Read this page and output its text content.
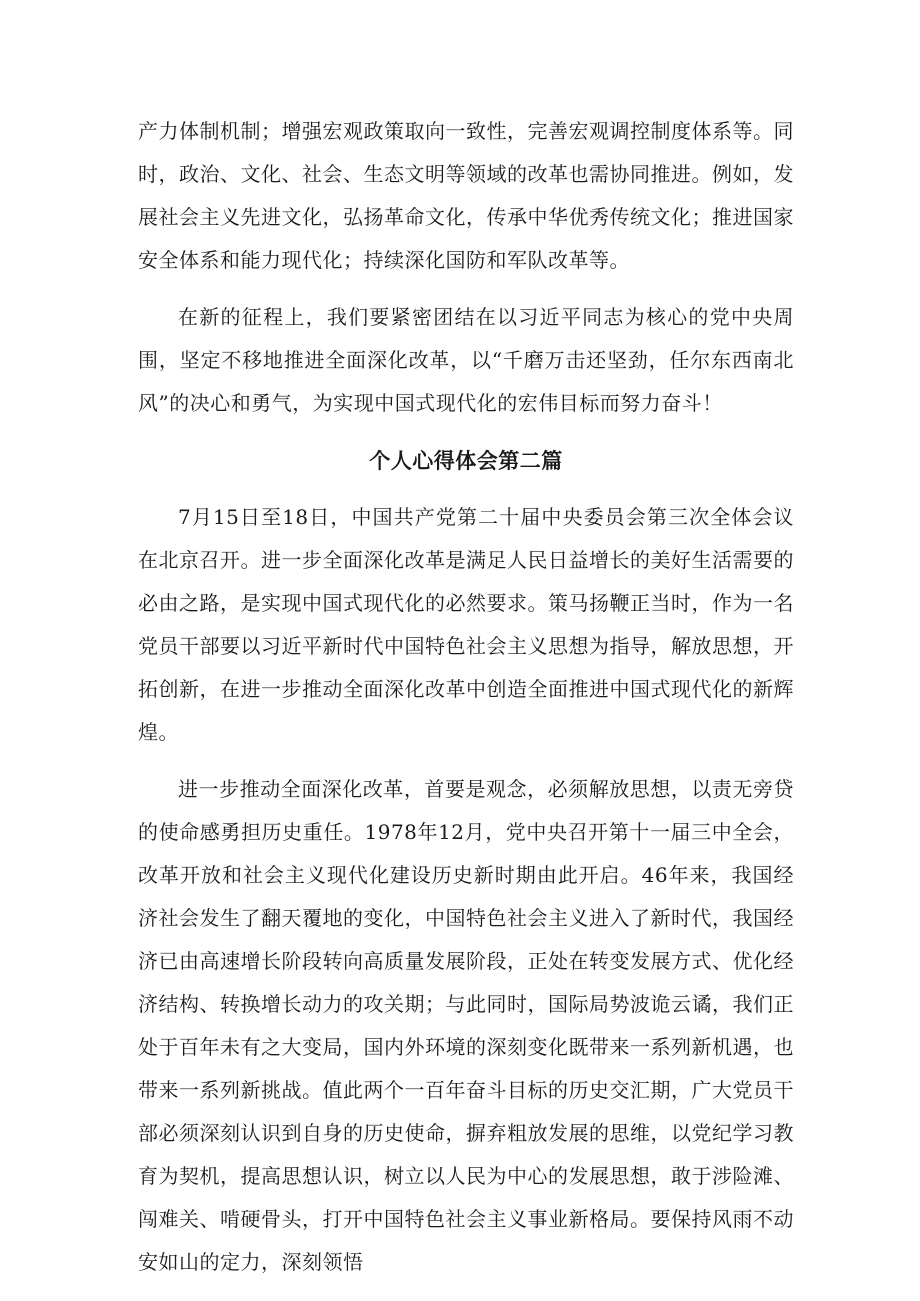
产力体制机制；增强宏观政策取向一致性，完善宏观调控制度体系等。同时，政治、文化、社会、生态文明等领域的改革也需协同推进。例如，发展社会主义先进文化，弘扬革命文化，传承中华优秀传统文化；推进国家安全体系和能力现代化；持续深化国防和军队改革等。

在新的征程上，我们要紧密团结在以习近平同志为核心的党中央周围，坚定不移地推进全面深化改革，以“千磨万击还坚劲，任尔东西南北风”的决心和勇气，为实现中国式现代化的宏伟目标而努力奋斗！

个人心得体会第二篇

7月15日至18日，中国共产党第二十届中央委员会第三次全体会议在北京召开。进一步全面深化改革是满足人民日益增长的美好生活需要的必由之路，是实现中国式现代化的必然要求。策马扬鞭正当时，作为一名党员干部要以习近平新时代中国特色社会主义思想为指导，解放思想，开拓创新，在进一步推动全面深化改革中创造全面推进中国式现代化的新辉煌。

进一步推动全面深化改革，首要是观念，必须解放思想，以责无旁贷的使命感勇担历史重任。1978年12月，党中央召开第十一届三中全会，改革开放和社会主义现代化建设历史新时期由此开启。46年来，我国经济社会发生了翻天覆地的变化，中国特色社会主义进入了新时代，我国经济已由高速增长阶段转向高质量发展阶段，正处在转变发展方式、优化经济结构、转换增长动力的攻关期；与此同时，国际局势波诡云谲，我们正处于百年未有之大变局，国内外环境的深刻变化既带来一系列新机遇，也带来一系列新挑战。值此两个一百年奋斗目标的历史交汇期，广大党员干部必须深刻认识到自身的历史使命，摒弃粗放发展的思维，以党纪学习教育为契机，提高思想认识，树立以人民为中心的发展思想，敢于涉险滩、闯难关、啃硬骨头，打开中国特色社会主义事业新格局。要保持风雨不动安如山的定力，深刻领悟
